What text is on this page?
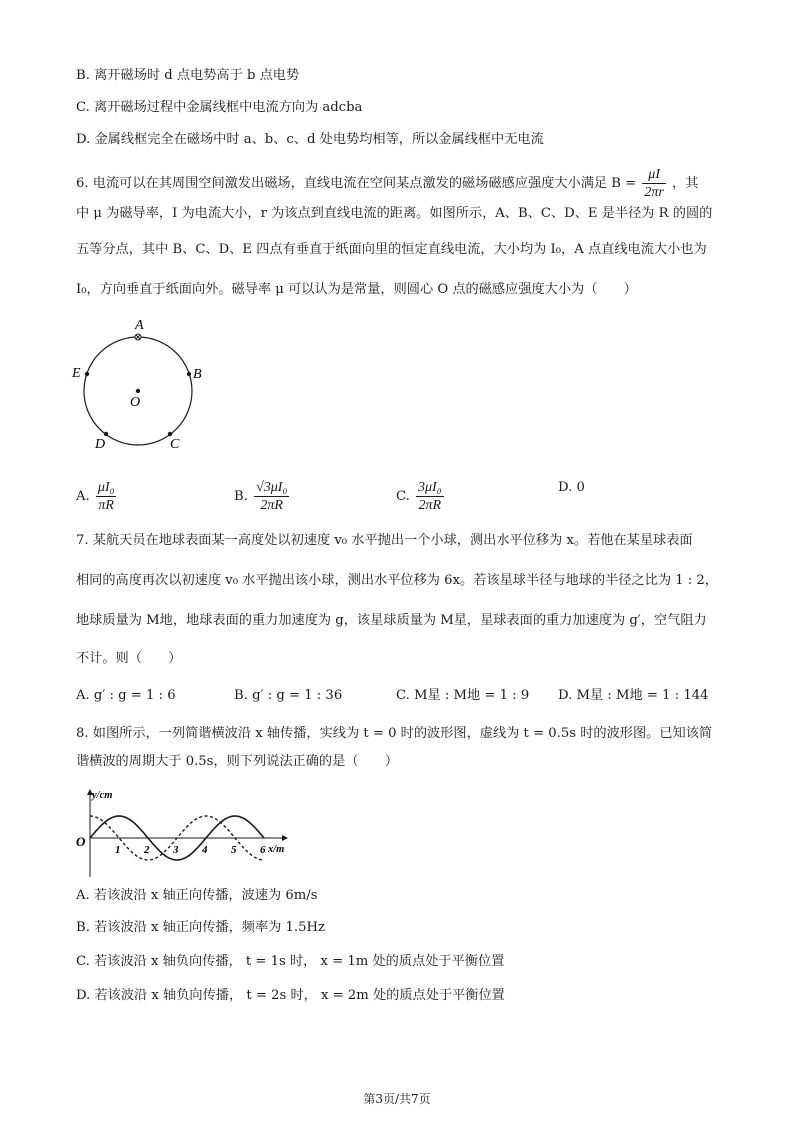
B. 离开磁场时 d 点电势高于 b 点电势
C. 离开磁场过程中金属线框中电流方向为 adcba
D. 金属线框完全在磁场中时 a、b、c、d 处电势均相等，所以金属线框中无电流
6. 电流可以在其周围空间激发出磁场，直线电流在空间某点激发的磁场磁感应强度大小满足 $B = \frac{\mu I}{2\pi r}$ ，其
中 μ 为磁导率，I 为电流大小，r 为该点到直线电流的距离。如图所示，A、B、C、D、E 是半径为 R 的圆的
五等分点，其中 B、C、D、E 四点有垂直于纸面向里的恒定直线电流，大小均为 I₀，A 点直线电流大小也为
I₀，方向垂直于纸面向外。磁导率 μ 可以认为是常量，则圆心 O 点的磁感应强度大小为（　　）
A
B
C
D
E
O
A. $\frac{\text{μI₀}}{\pi R}$	B. $\frac{\text{√3μI₀}}{2\pi R}$	C. $\frac{\text{3μI₀}}{2\pi R}$	D. 0
7. 某航天员在地球表面某一高度处以初速度 v₀ 水平抛出一个小球，测出水平位移为 x。若他在某星球表面
相同的高度再次以初速度 v₀ 水平抛出该小球，测出水平位移为 6x。若该星球半径与地球的半径之比为 1 : 2，
地球质量为 M地，地球表面的重力加速度为 g，该星球质量为 M星，星球表面的重力加速度为 g′，空气阻力
不计。则（　　）
A. g′ : g = 1 : 6	B. g′ : g = 1 : 36	C. M星 : M地 = 1 : 9 D. M星 : M地 = 1 : 144
8. 如图所示，一列简谐横波沿 x 轴传播，实线为 t = 0 时的波形图，虚线为 t = 0.5s 时的波形图。已知该简
谐横波的周期大于 0.5s，则下列说法正确的是（　　）
y/cm
O
x/m
1 2 3 4 5 6
A. 若该波沿 x 轴正向传播，波速为 6m/s
B. 若该波沿 x 轴正向传播，频率为 1.5Hz
C. 若该波沿 x 轴负向传播， t = 1s 时， x = 1m 处的质点处于平衡位置
D. 若该波沿 x 轴负向传播， t = 2s 时， x = 2m 处的质点处于平衡位置
第3页/共7页
